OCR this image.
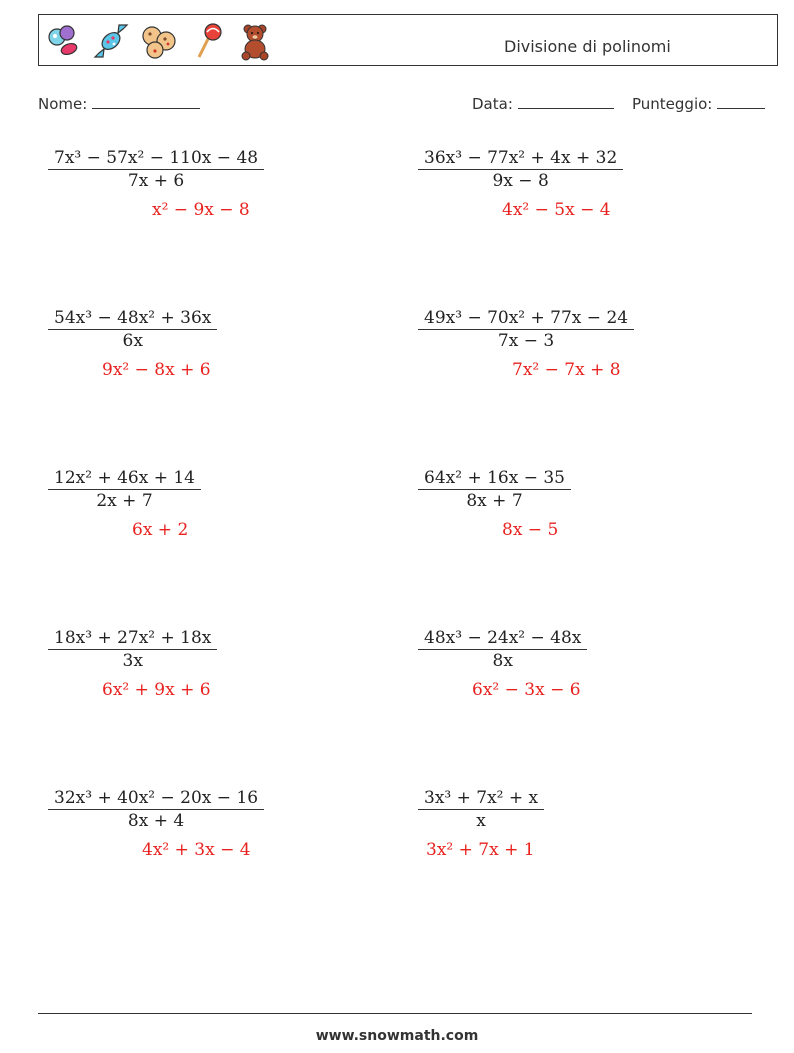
Divisione di polinomi
Nome:	Data:	Punteggio:
$\frac{\text{7x³ − 57x² − 110x − 48}}{7x + 6}$
x² − 9x − 8
$\frac{\text{36x³ − 77x² + 4x + 32}}{9x - 8}$
4x² − 5x − 4
$\frac{\text{54x³ − 48x² + 36x}}{6x}$
9x² − 8x + 6
$\frac{\text{49x³ − 70x² + 77x − 24}}{7x - 3}$
7x² − 7x + 8
$\frac{\text{12x² + 46x + 14}}{2x + 7}$
6x + 2
$\frac{\text{64x² + 16x − 35}}{8x + 7}$
8x − 5
$\frac{\text{18x³ + 27x² + 18x}}{3x}$
6x² + 9x + 6
$\frac{\text{48x³ − 24x² − 48x}}{8x}$
6x² − 3x − 6
$\frac{\text{32x³ + 40x² − 20x − 16}}{8x + 4}$
4x² + 3x − 4
$\frac{\text{3x³ + 7x² + x}}{x}$
3x² + 7x + 1
www.snowmath.com
